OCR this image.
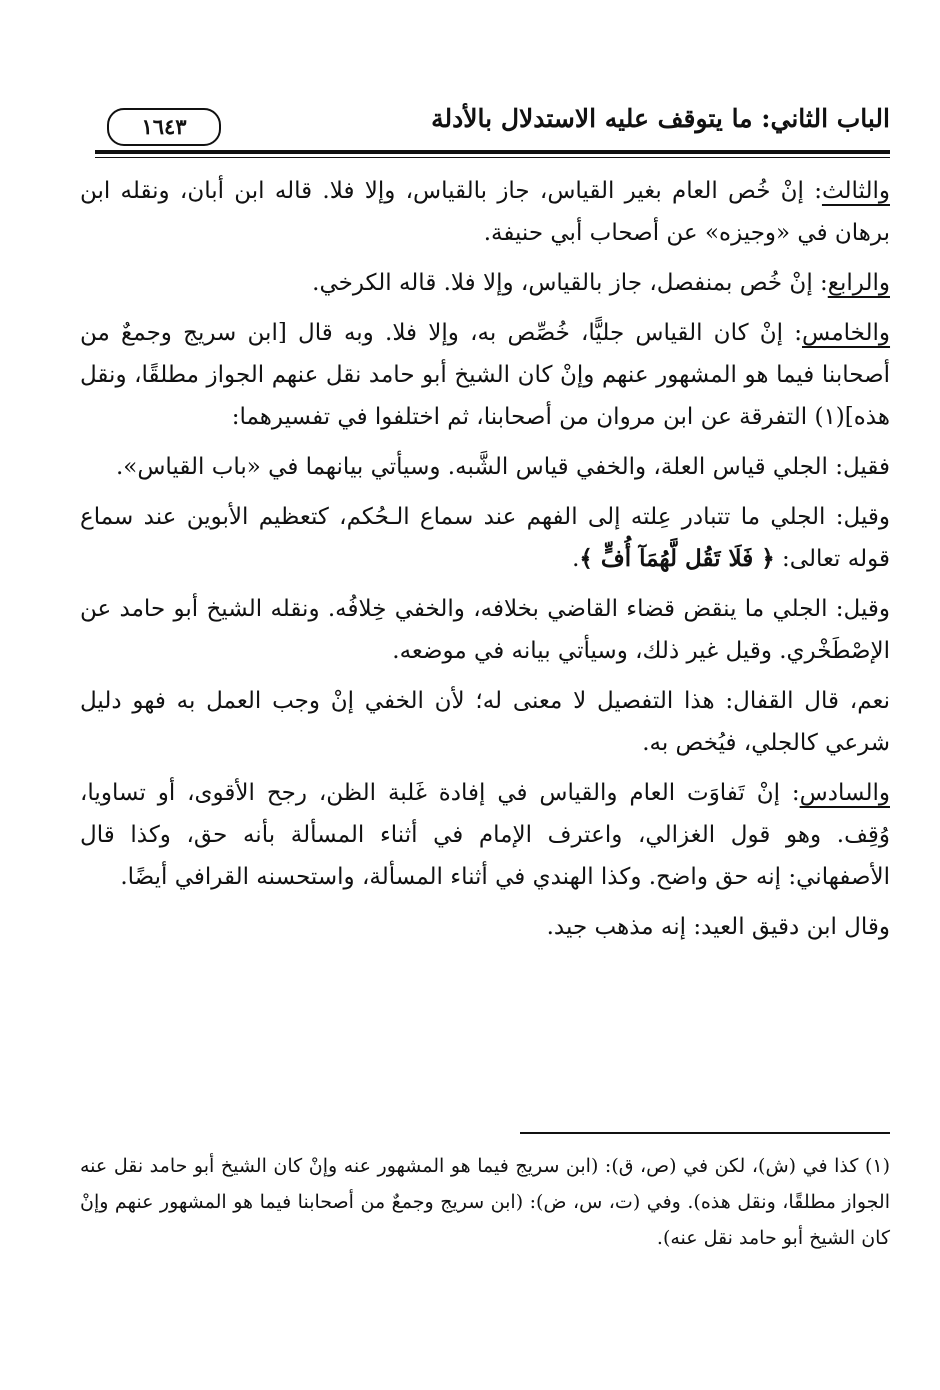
الباب الثاني: ما يتوقف عليه الاستدلال بالأدلة
١٦٤٣

والثالث: إنْ خُص العام بغير القياس، جاز بالقياس، وإلا فلا. قاله ابن أبان، ونقله ابن برهان في «وجيزه» عن أصحاب أبي حنيفة.

والرابع: إنْ خُص بمنفصل، جاز بالقياس، وإلا فلا. قاله الكرخي.

والخامس: إنْ كان القياس جليًّا، خُصِّص به، وإلا فلا. وبه قال [ابن سريج وجمعٌ من أصحابنا فيما هو المشهور عنهم وإنْ كان الشيخ أبو حامد نقل عنهم الجواز مطلقًا، ونقل هذه](١) التفرقة عن ابن مروان من أصحابنا، ثم اختلفوا في تفسيرهما:

فقيل: الجلي قياس العلة، والخفي قياس الشَّبه. وسيأتي بيانهما في «باب القياس».

وقيل: الجلي ما تتبادر عِلته إلى الفهم عند سماع الـحُكم، كتعظيم الأبوين عند سماع قوله تعالى: ﴿ فَلَا تَقُل لَّهُمَآ أُفٍّ ﴾.

وقيل: الجلي ما ينقض قضاء القاضي بخلافه، والخفي خِلافُه. ونقله الشيخ أبو حامد عن الإصْطَخْري. وقيل غير ذلك، وسيأتي بيانه في موضعه.

نعم، قال القفال: هذا التفصيل لا معنى له؛ لأن الخفي إنْ وجب العمل به فهو دليل شرعي كالجلي، فيُخص به.

والسادس: إنْ تَفاوَت العام والقياس في إفادة غَلبة الظن، رجح الأقوى، أو تساويا، وُقِف. وهو قول الغزالي، واعترف الإمام في أثناء المسألة بأنه حق، وكذا قال الأصفهاني: إنه حق واضح. وكذا الهندي في أثناء المسألة، واستحسنه القرافي أيضًا.

وقال ابن دقيق العيد: إنه مذهب جيد.

(١) كذا في (ش)، لكن في (ص، ق): (ابن سريج فيما هو المشهور عنه وإنْ كان الشيخ أبو حامد نقل عنه الجواز مطلقًا، ونقل هذه). وفي (ت، س، ض): (ابن سريج وجمعٌ من أصحابنا فيما هو المشهور عنهم وإنْ كان الشيخ أبو حامد نقل عنه).
